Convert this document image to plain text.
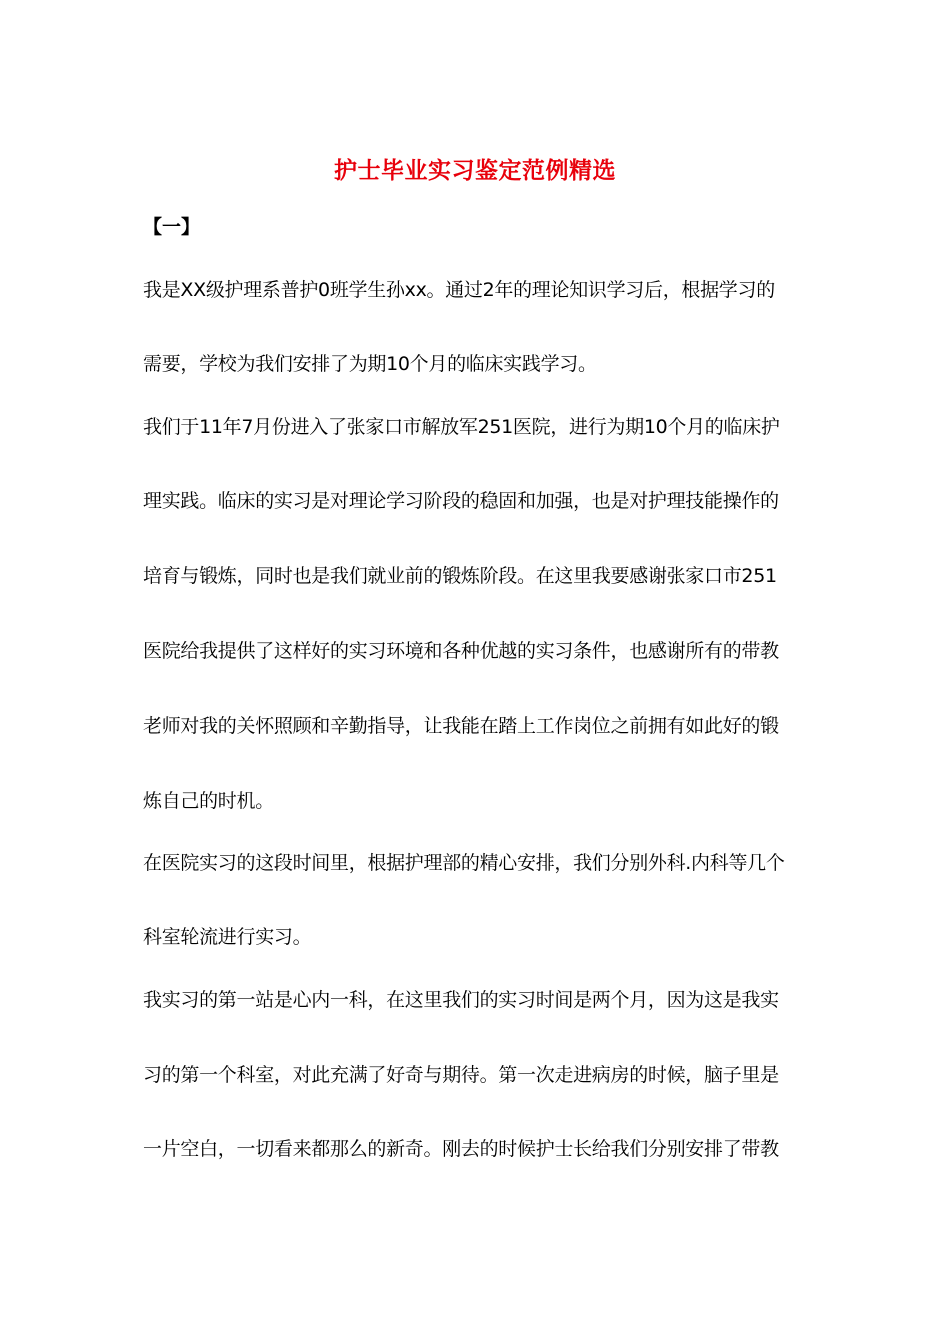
护士毕业实习鉴定范例精选
【一】
我是XX级护理系普护0班学生孙xx。通过2年的理论知识学习后，根据学习的
需要，学校为我们安排了为期10个月的临床实践学习。
我们于11年7月份进入了张家口市解放军251医院，进行为期10个月的临床护
理实践。临床的实习是对理论学习阶段的稳固和加强，也是对护理技能操作的
培育与锻炼，同时也是我们就业前的锻炼阶段。在这里我要感谢张家口市251
医院给我提供了这样好的实习环境和各种优越的实习条件，也感谢所有的带教
老师对我的关怀照顾和辛勤指导，让我能在踏上工作岗位之前拥有如此好的锻
炼自己的时机。
在医院实习的这段时间里，根据护理部的精心安排，我们分别外科.内科等几个
科室轮流进行实习。
我实习的第一站是心内一科，在这里我们的实习时间是两个月，因为这是我实
习的第一个科室，对此充满了好奇与期待。第一次走进病房的时候，脑子里是
一片空白，一切看来都那么的新奇。刚去的时候护士长给我们分别安排了带教
